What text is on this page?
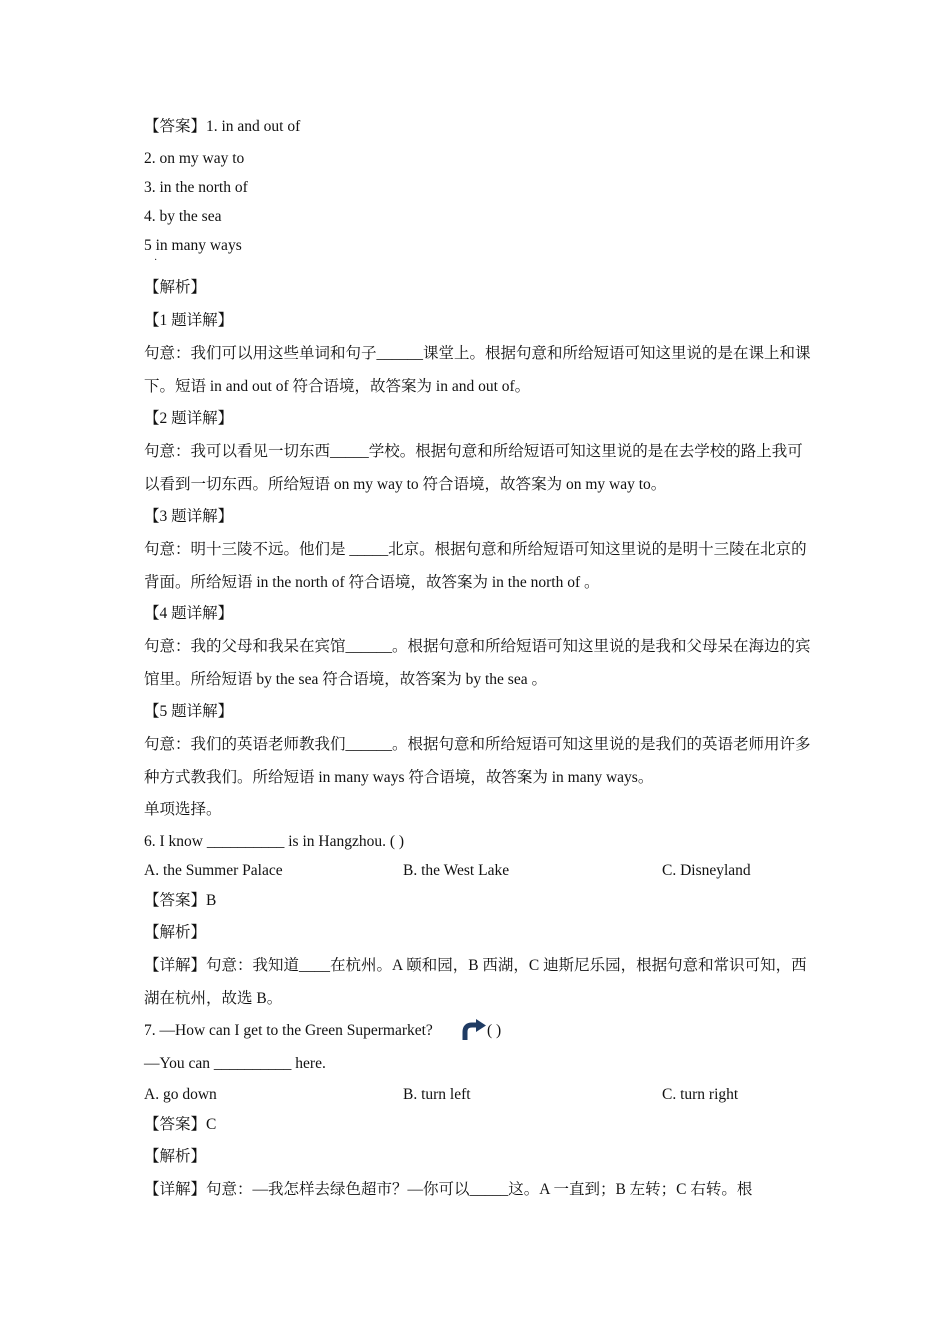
【答案】1. in and out of
2. on my way to
3. in the north of
4. by the sea
5 in many ways
·
【解析】
【1 题详解】
句意：我们可以用这些单词和句子______课堂上。根据句意和所给短语可知这里说的是在课上和课下。短语 in and out of 符合语境，故答案为 in and out of。
【2 题详解】
句意：我可以看见一切东西_____学校。根据句意和所给短语可知这里说的是在去学校的路上我可以看到一切东西。所给短语 on my way to 符合语境，故答案为 on my way to。
【3 题详解】
句意：明十三陵不远。他们是 _____北京。根据句意和所给短语可知这里说的是明十三陵在北京的背面。所给短语 in the north of 符合语境，故答案为 in the north of 。
【4 题详解】
句意：我的父母和我呆在宾馆______。根据句意和所给短语可知这里说的是我和父母呆在海边的宾馆里。所给短语 by the sea 符合语境，故答案为 by the sea 。
【5 题详解】
句意：我们的英语老师教我们______。根据句意和所给短语可知这里说的是我们的英语老师用许多种方式教我们。所给短语 in many ways 符合语境，故答案为 in many ways。
单项选择。
6. I know __________ is in Hangzhou. ( )
A. the Summer Palace	B. the West Lake	C. Disneyland
【答案】B
【解析】
【详解】句意：我知道____在杭州。A 颐和园，B 西湖，C 迪斯尼乐园，根据句意和常识可知，西湖在杭州，故选 B。
7. —How can I get to the Green Supermarket?	( )
—You can __________ here.
A. go down	B. turn left	C. turn right
【答案】C
【解析】
【详解】句意：—我怎样去绿色超市？—你可以_____这。A 一直到；B 左转；C 右转。根
